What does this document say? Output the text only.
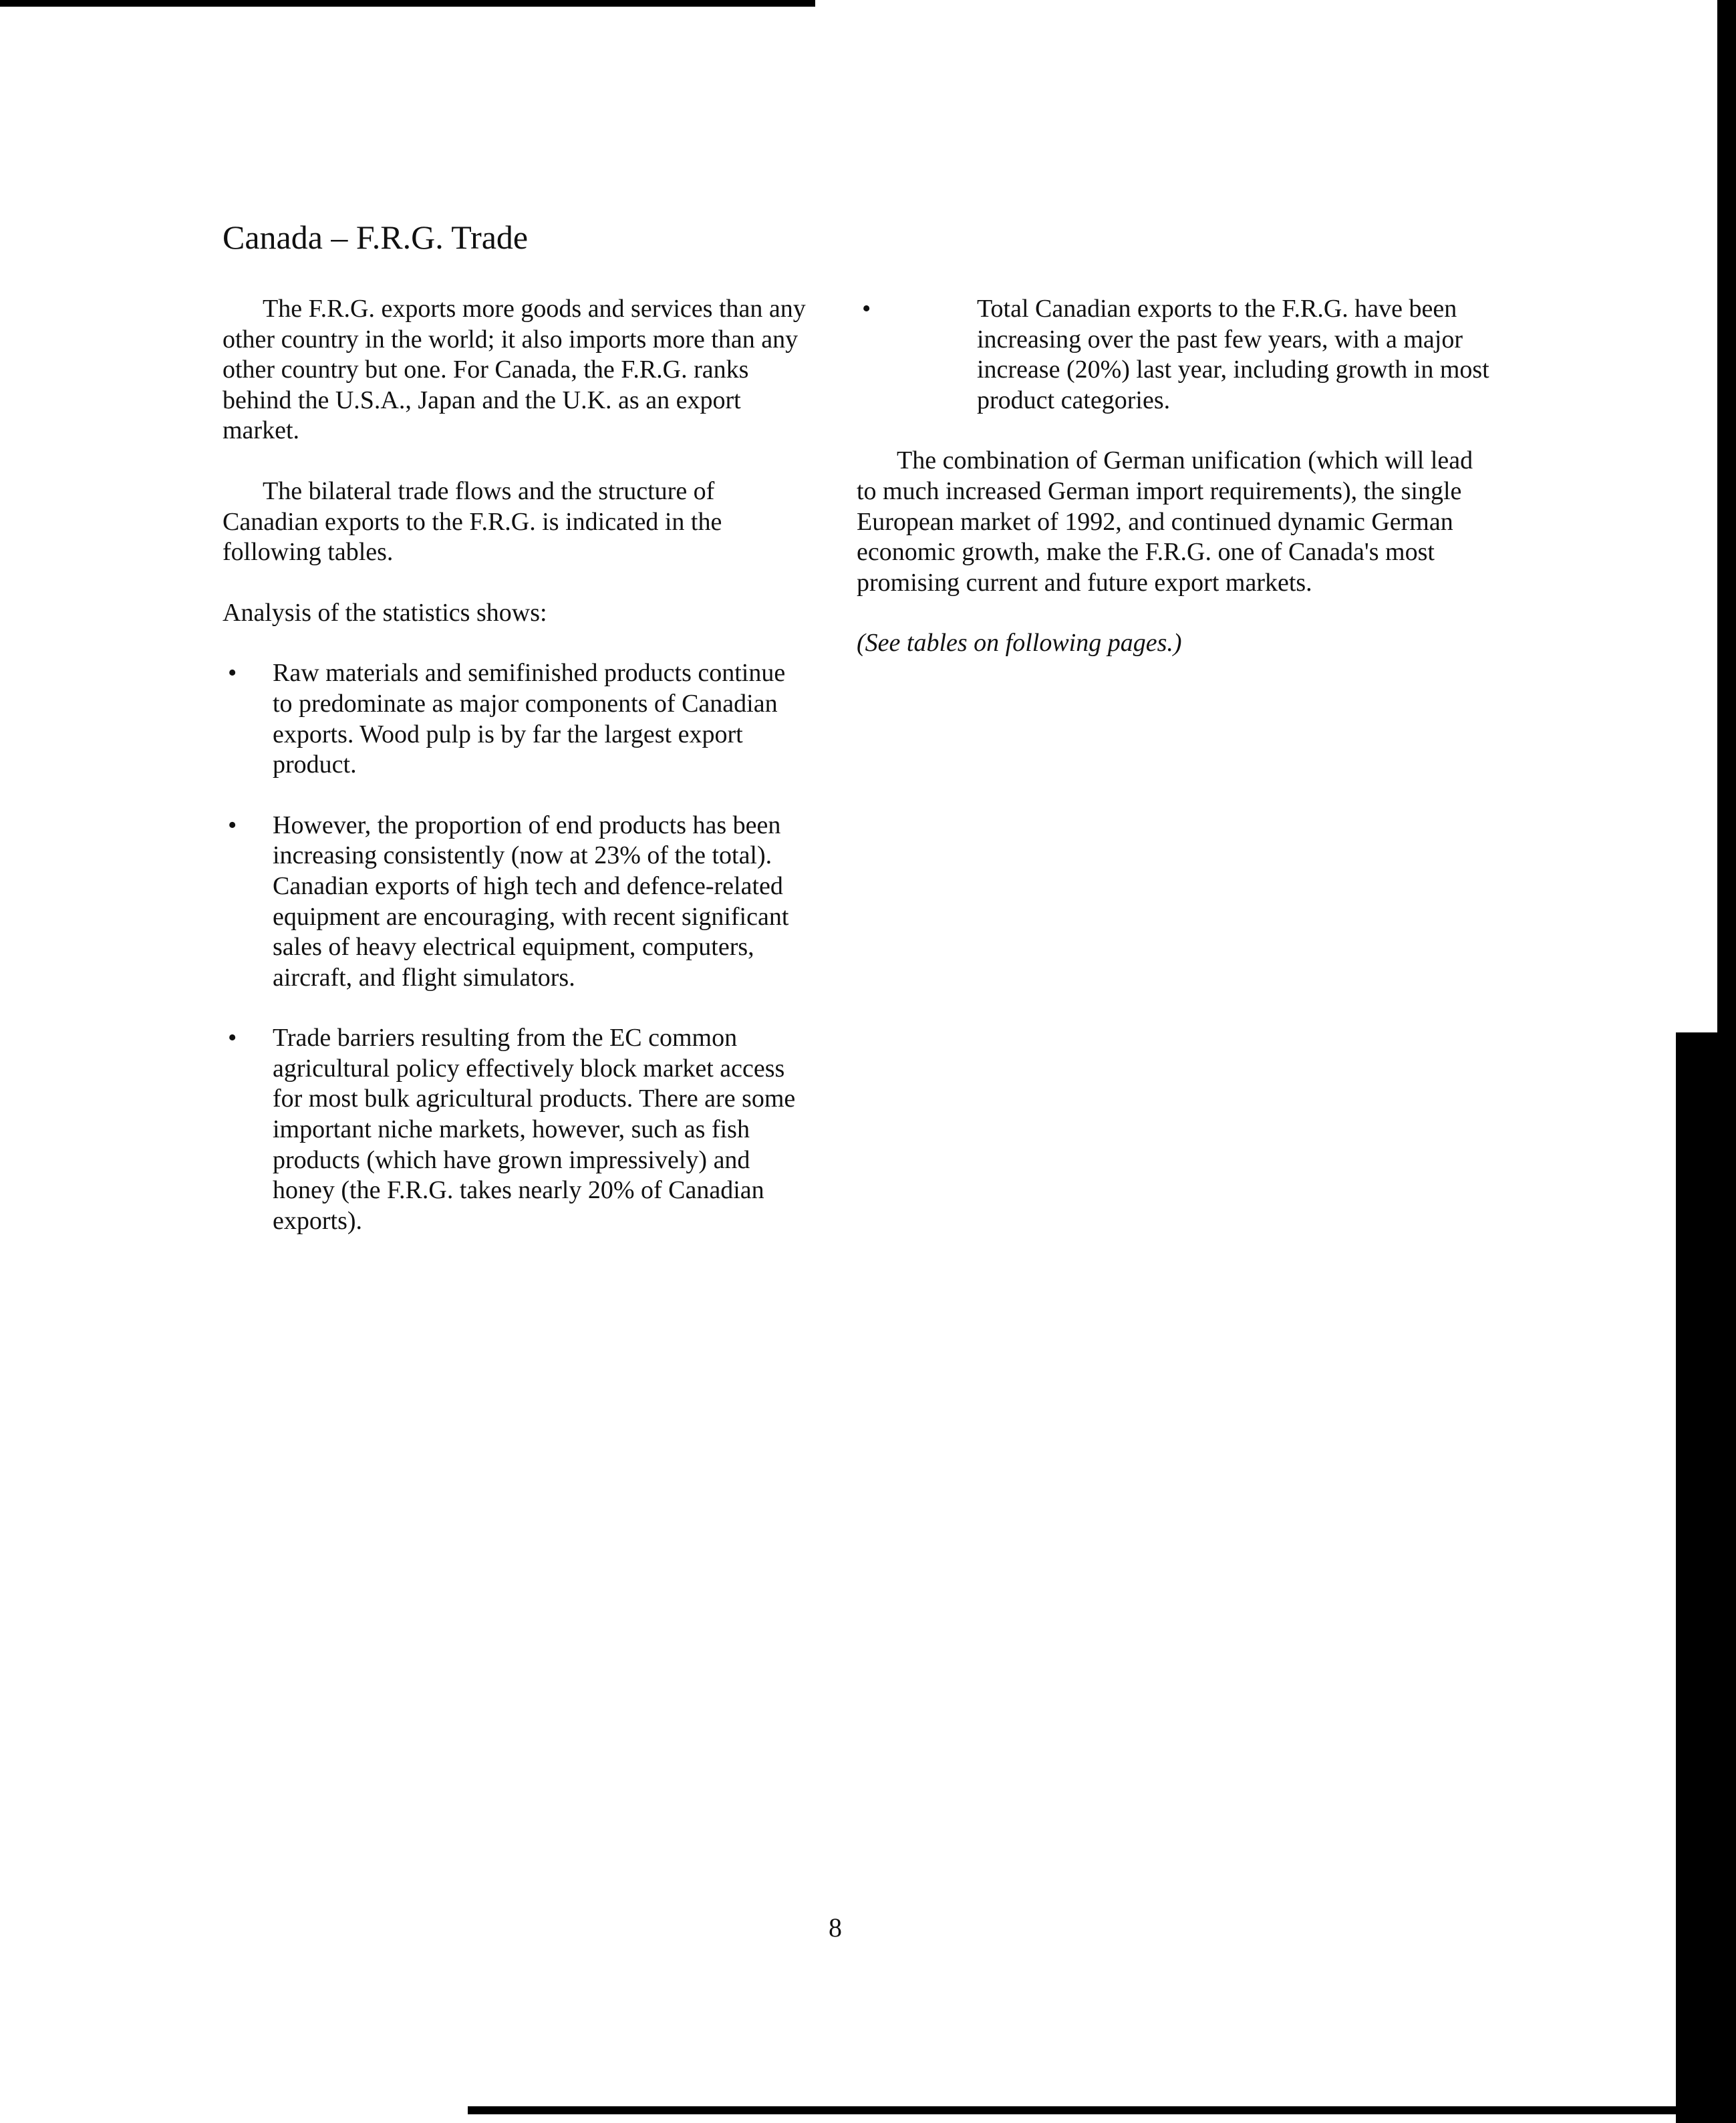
Canada – F.R.G. Trade

The F.R.G. exports more goods and services than any other country in the world; it also imports more than any other country but one. For Canada, the F.R.G. ranks behind the U.S.A., Japan and the U.K. as an export market.

The bilateral trade flows and the structure of Canadian exports to the F.R.G. is indicated in the following tables.

Analysis of the statistics shows:

•	Raw materials and semifinished products continue to predominate as major components of Canadian exports. Wood pulp is by far the largest export product.
•	However, the proportion of end products has been increasing consistently (now at 23% of the total). Canadian exports of high tech and defence-related equipment are encouraging, with recent significant sales of heavy electrical equipment, computers, aircraft, and flight simulators.
•	Trade barriers resulting from the EC common agricultural policy effectively block market access for most bulk agricultural products. There are some important niche markets, however, such as fish products (which have grown impressively) and honey (the F.R.G. takes nearly 20% of Canadian exports).
•	Total Canadian exports to the F.R.G. have been increasing over the past few years, with a major increase (20%) last year, including growth in most product categories.

The combination of German unification (which will lead to much increased German import requirements), the single European market of 1992, and continued dynamic German economic growth, make the F.R.G. one of Canada's most promising current and future export markets.

(See tables on following pages.)

8
